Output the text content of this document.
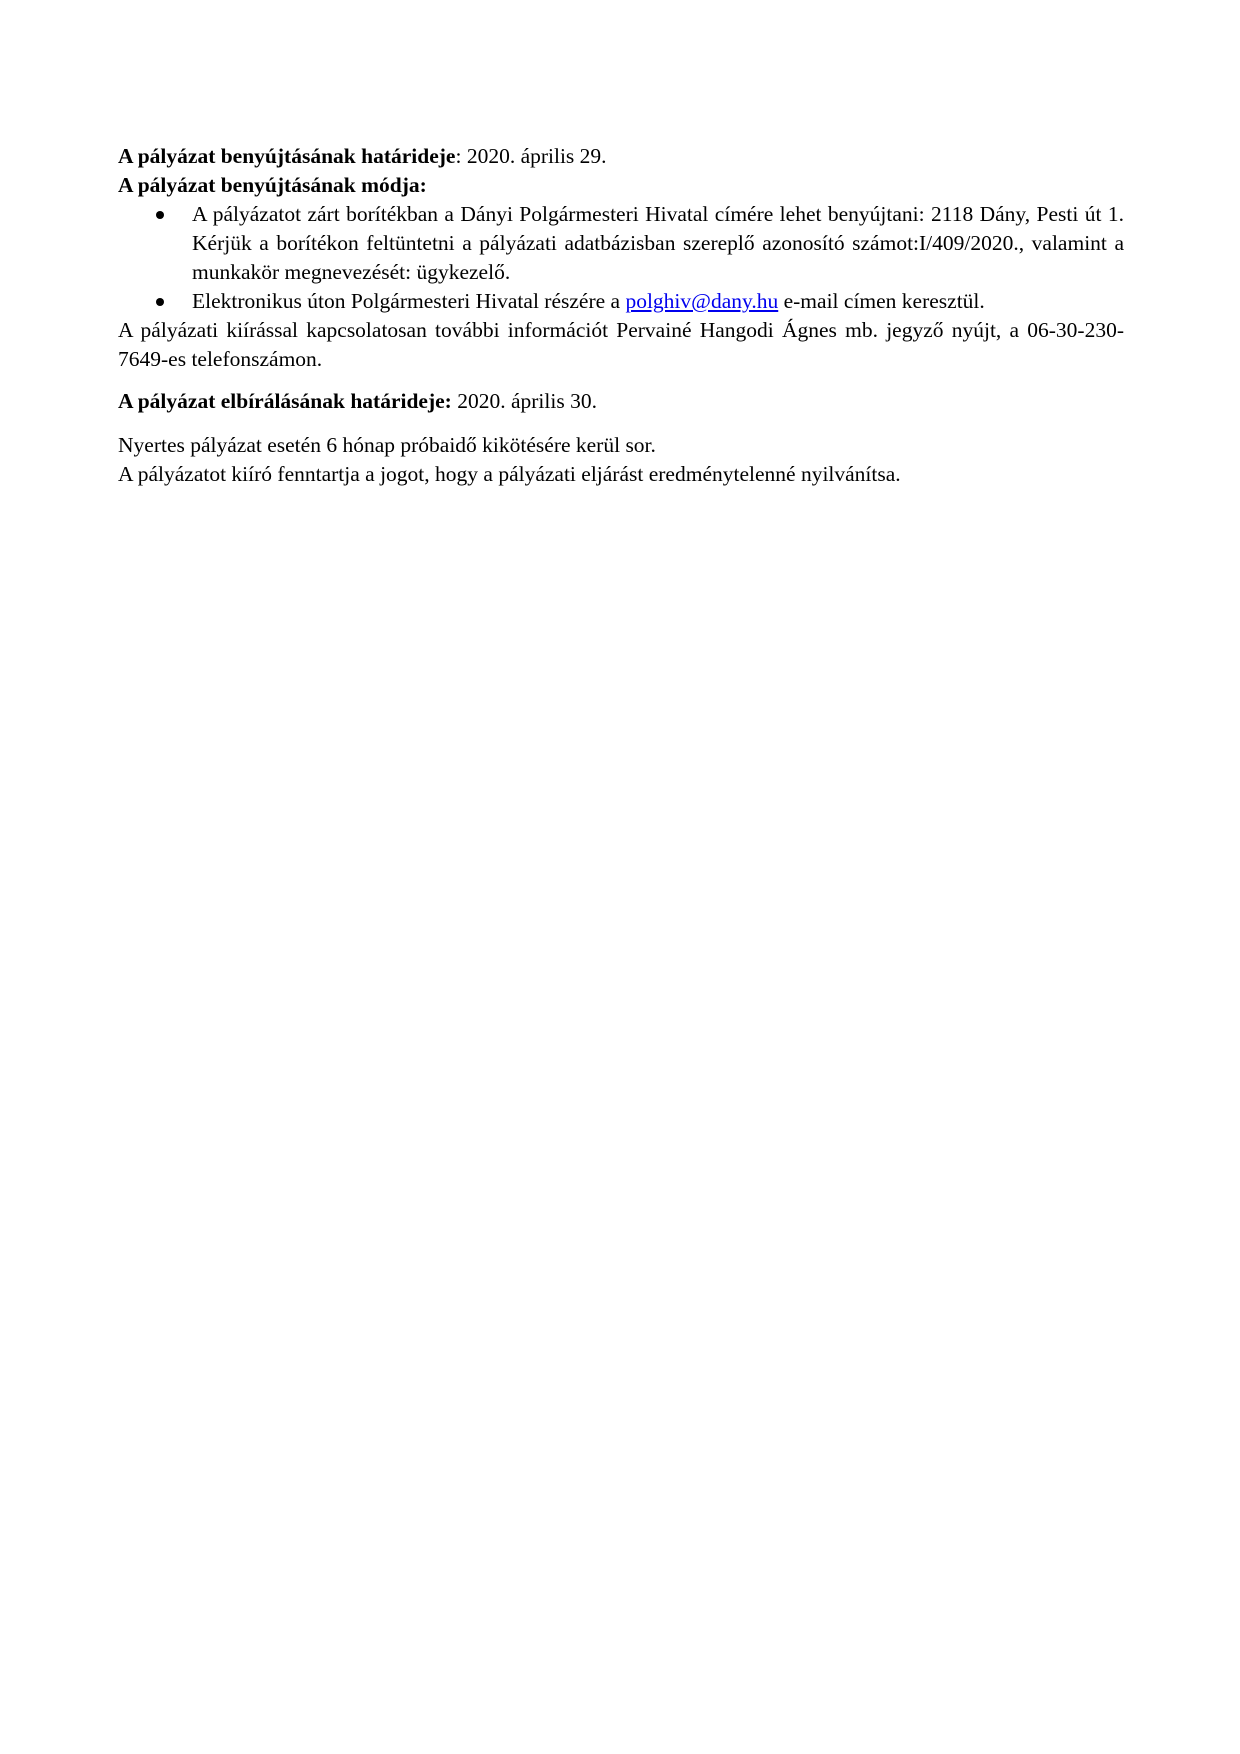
A pályázat benyújtásának határideje: 2020. április 29.

A pályázat benyújtásának módja:

A pályázatot zárt borítékban a Dányi Polgármesteri Hivatal címére lehet benyújtani: 2118 Dány, Pesti út 1. Kérjük a borítékon feltüntetni a pályázati adatbázisban szereplő azonosító számot:I/409/2020., valamint a munkakör megnevezését: ügykezelő.
Elektronikus úton Polgármesteri Hivatal részére a polghiv@dany.hu e-mail címen keresztül.

A pályázati kiírással kapcsolatosan további információt Pervainé Hangodi Ágnes mb. jegyző nyújt, a 06-30-230-7649-es telefonszámon.

A pályázat elbírálásának határideje: 2020. április 30.

Nyertes pályázat esetén 6 hónap próbaidő kikötésére kerül sor.

A pályázatot kiíró fenntartja a jogot, hogy a pályázati eljárást eredménytelenné nyilvánítsa.
